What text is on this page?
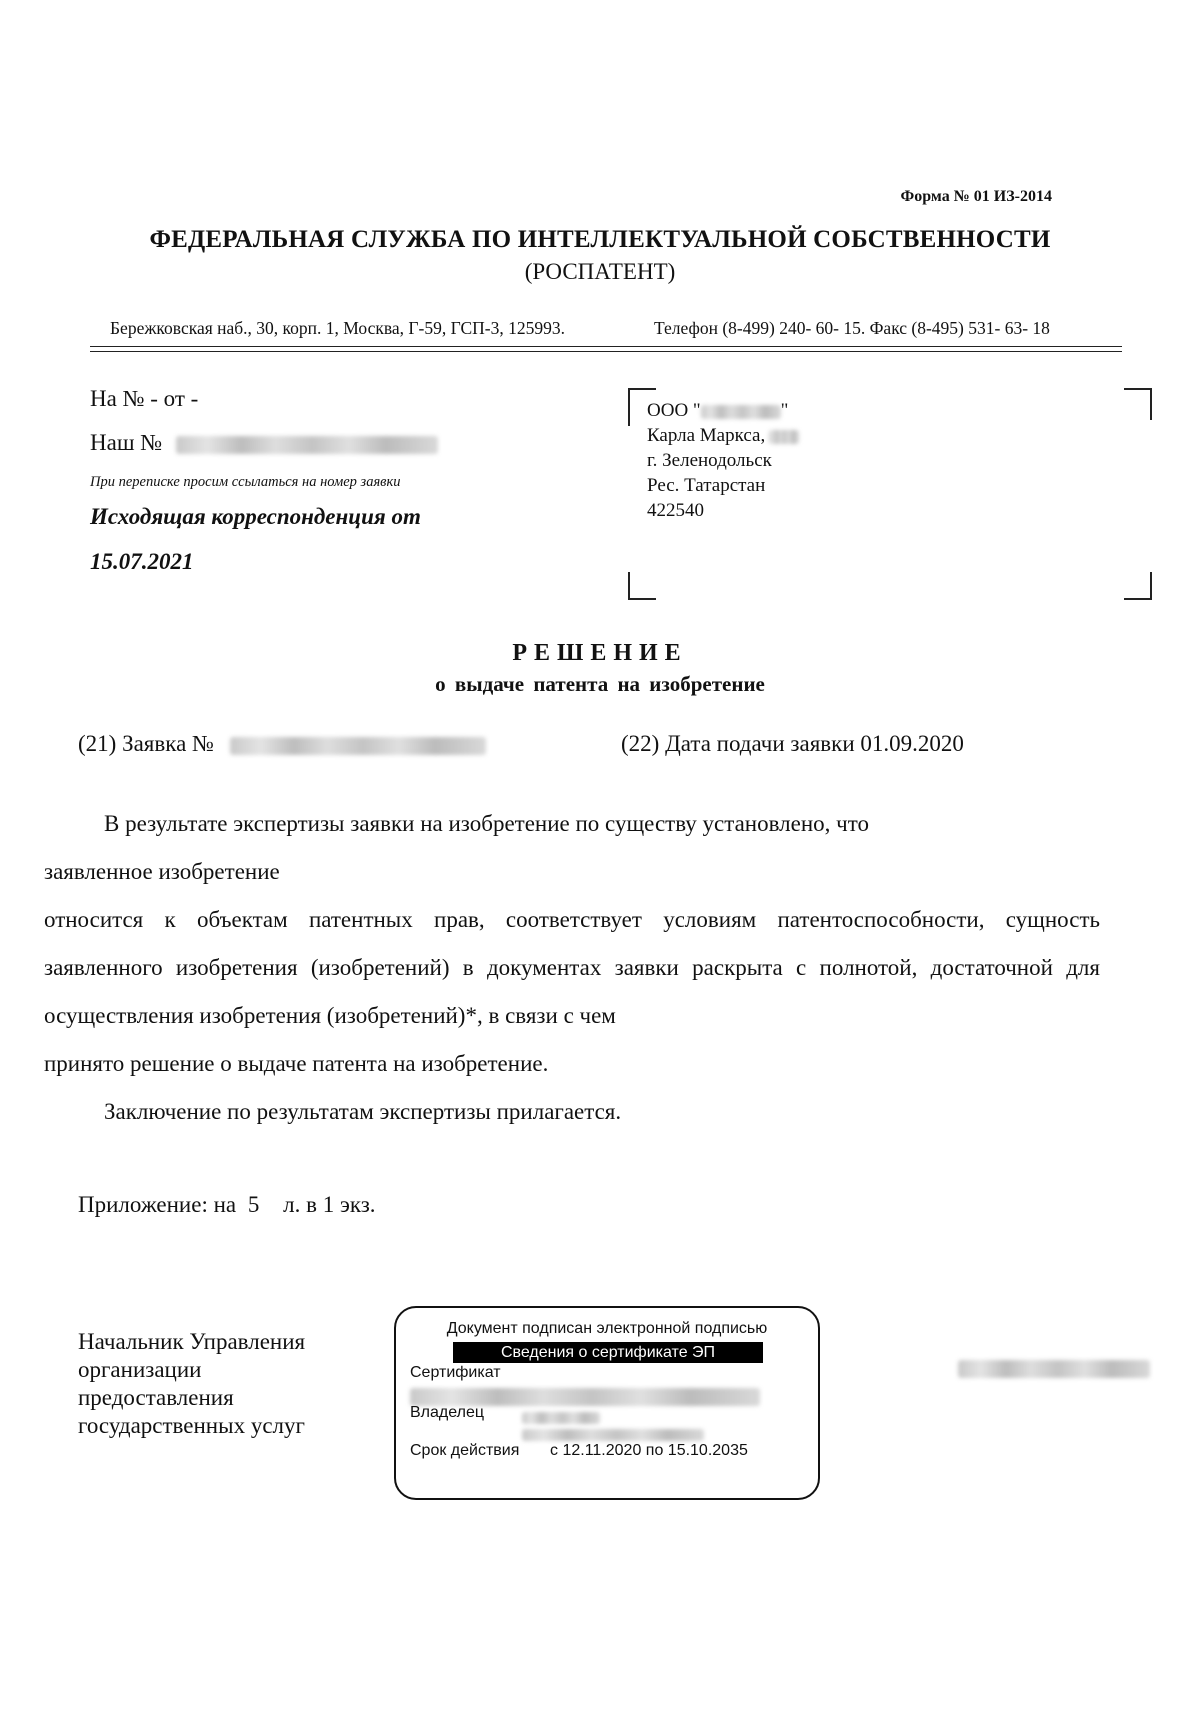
Форма № 01 ИЗ-2014
ФЕДЕРАЛЬНАЯ СЛУЖБА ПО ИНТЕЛЛЕКТУАЛЬНОЙ СОБСТВЕННОСТИ
(РОСПАТЕНТ)
Бережковская наб., 30, корп. 1, Москва, Г-59, ГСП-3, 125993.	Телефон (8-499) 240- 60- 15. Факс (8-495) 531- 63- 18
На № - от -
Наш №
При переписке просим ссылаться на номер заявки
Исходящая корреспонденция от
15.07.2021
ООО "	"
Карла Маркса,
г. Зеленодольск
Рес. Татарстан
422540
РЕШЕНИЕ
о выдаче патента на изобретение
(21) Заявка №	(22) Дата подачи заявки 01.09.2020

В результате экспертизы заявки на изобретение по существу установлено, что

заявленное изобретение

относится к объектам патентных прав, соответствует условиям патентоспособности, сущность заявленного изобретения (изобретений) в документах заявки раскрыта с полнотой, достаточной для осуществления изобретения (изобретений)*, в связи с чем

принято решение о выдаче патента на изобретение.

Заключение по результатам экспертизы прилагается.

Приложение: на 5 л. в 1 экз.
Начальник Управления
организации
предоставления
государственных услуг
Документ подписан электронной подписью
Сведения о сертификате ЭП
Сертификат
Владелец
Срок действия с 12.11.2020 по 15.10.2035
